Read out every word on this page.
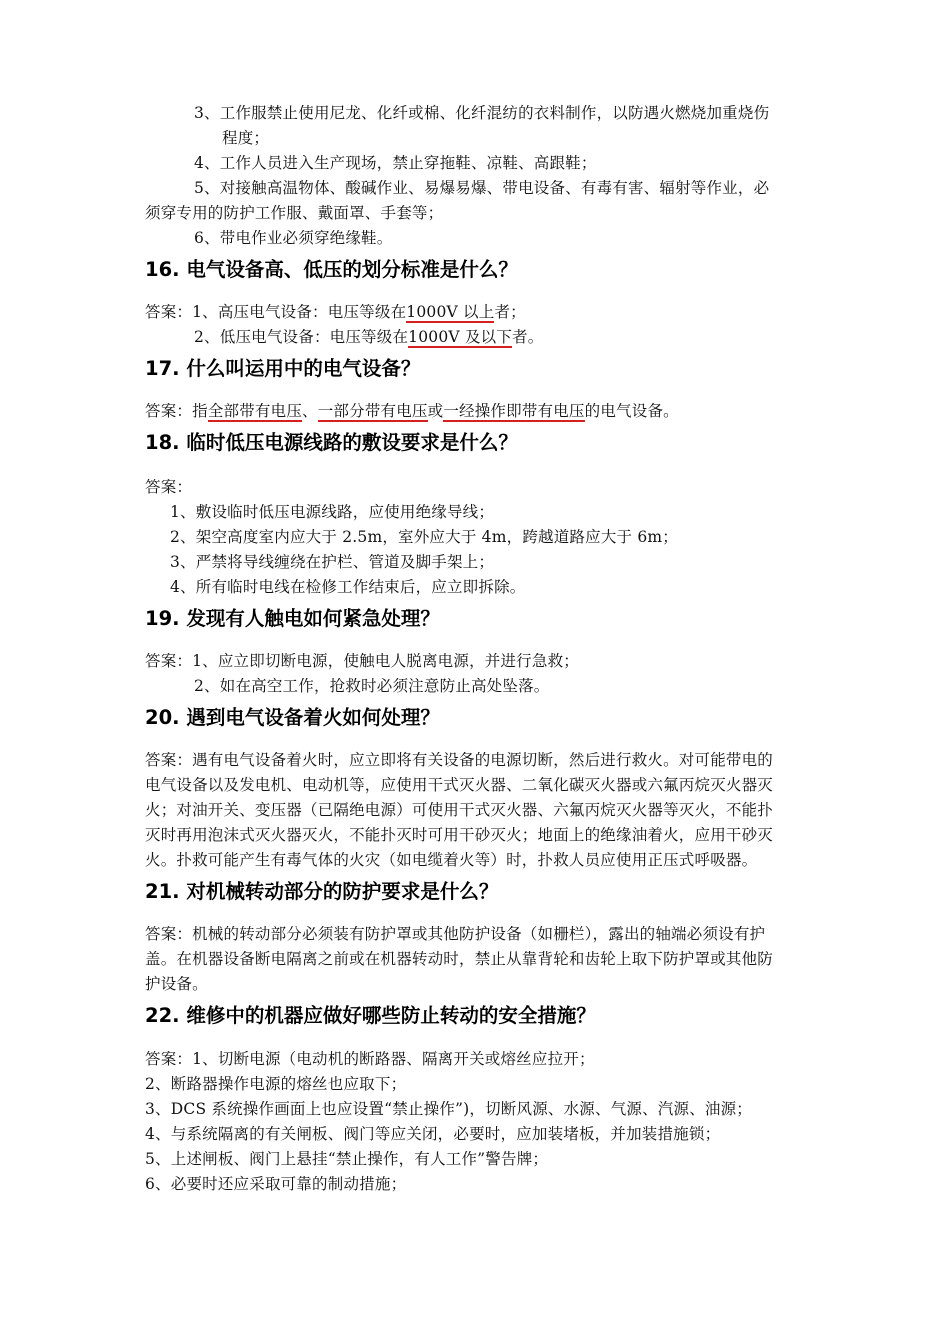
3、工作服禁止使用尼龙、化纤或棉、化纤混纺的衣料制作，以防遇火燃烧加重烧伤
程度；
4、工作人员进入生产现场，禁止穿拖鞋、凉鞋、高跟鞋；
5、对接触高温物体、酸碱作业、易爆易爆、带电设备、有毒有害、辐射等作业，必
须穿专用的防护工作服、戴面罩、手套等；
6、带电作业必须穿绝缘鞋。
16. 电气设备高、低压的划分标准是什么？
答案：1、高压电气设备：电压等级在1000V 以上者；
2、低压电气设备：电压等级在1000V 及以下者。
17. 什么叫运用中的电气设备？
答案：指全部带有电压、一部分带有电压或一经操作即带有电压的电气设备。
18. 临时低压电源线路的敷设要求是什么？
答案：
1、敷设临时低压电源线路，应使用绝缘导线；
2、架空高度室内应大于 2.5m，室外应大于 4m，跨越道路应大于 6m；
3、严禁将导线缠绕在护栏、管道及脚手架上；
4、所有临时电线在检修工作结束后，应立即拆除。
19. 发现有人触电如何紧急处理？
答案：1、应立即切断电源，使触电人脱离电源，并进行急救；
2、如在高空工作，抢救时必须注意防止高处坠落。
20. 遇到电气设备着火如何处理？
答案：遇有电气设备着火时，应立即将有关设备的电源切断，然后进行救火。对可能带电的
电气设备以及发电机、电动机等，应使用干式灭火器、二氧化碳灭火器或六氟丙烷灭火器灭
火；对油开关、变压器（已隔绝电源）可使用干式灭火器、六氟丙烷灭火器等灭火，不能扑
灭时再用泡沫式灭火器灭火，不能扑灭时可用干砂灭火；地面上的绝缘油着火，应用干砂灭
火。扑救可能产生有毒气体的火灾（如电缆着火等）时，扑救人员应使用正压式呼吸器。
21. 对机械转动部分的防护要求是什么？
答案：机械的转动部分必须装有防护罩或其他防护设备（如栅栏），露出的轴端必须设有护
盖。在机器设备断电隔离之前或在机器转动时，禁止从靠背轮和齿轮上取下防护罩或其他防
护设备。
22. 维修中的机器应做好哪些防止转动的安全措施？
答案：1、切断电源（电动机的断路器、隔离开关或熔丝应拉开；
2、断路器操作电源的熔丝也应取下；
3、DCS 系统操作画面上也应设置“禁止操作”)，切断风源、水源、气源、汽源、油源；
4、与系统隔离的有关闸板、阀门等应关闭，必要时，应加装堵板，并加装措施锁；
5、上述闸板、阀门上悬挂“禁止操作，有人工作”警告牌；
6、必要时还应采取可靠的制动措施；
